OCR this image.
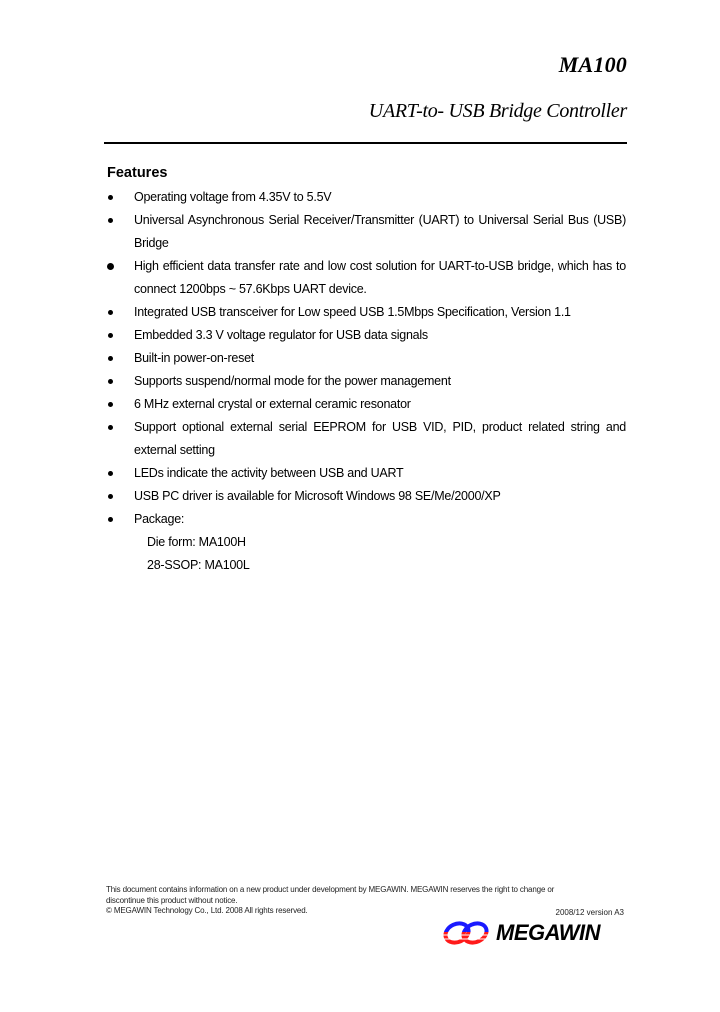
MA100
UART-to- USB Bridge Controller
Features
Operating voltage from 4.35V to 5.5V
Universal Asynchronous Serial Receiver/Transmitter (UART) to Universal Serial Bus (USB) Bridge
High efficient data transfer rate and low cost solution for UART-to-USB bridge, which has to connect 1200bps ~ 57.6Kbps UART device.
Integrated USB transceiver for Low speed USB 1.5Mbps Specification, Version 1.1
Embedded 3.3 V voltage regulator for USB data signals
Built-in power-on-reset
Supports suspend/normal mode for the power management
6 MHz external crystal or external ceramic resonator
Support optional external serial EEPROM for USB VID, PID, product related string and external setting
LEDs indicate the activity between USB and UART
USB PC driver is available for Microsoft Windows 98 SE/Me/2000/XP
Package:
Die form: MA100H
28-SSOP: MA100L
This document contains information on a new product under development by MEGAWIN. MEGAWIN reserves the right to change or
discontinue this product without notice.
© MEGAWIN Technology Co., Ltd. 2008 All rights reserved.	2008/12 version A3
MEGAWIN
